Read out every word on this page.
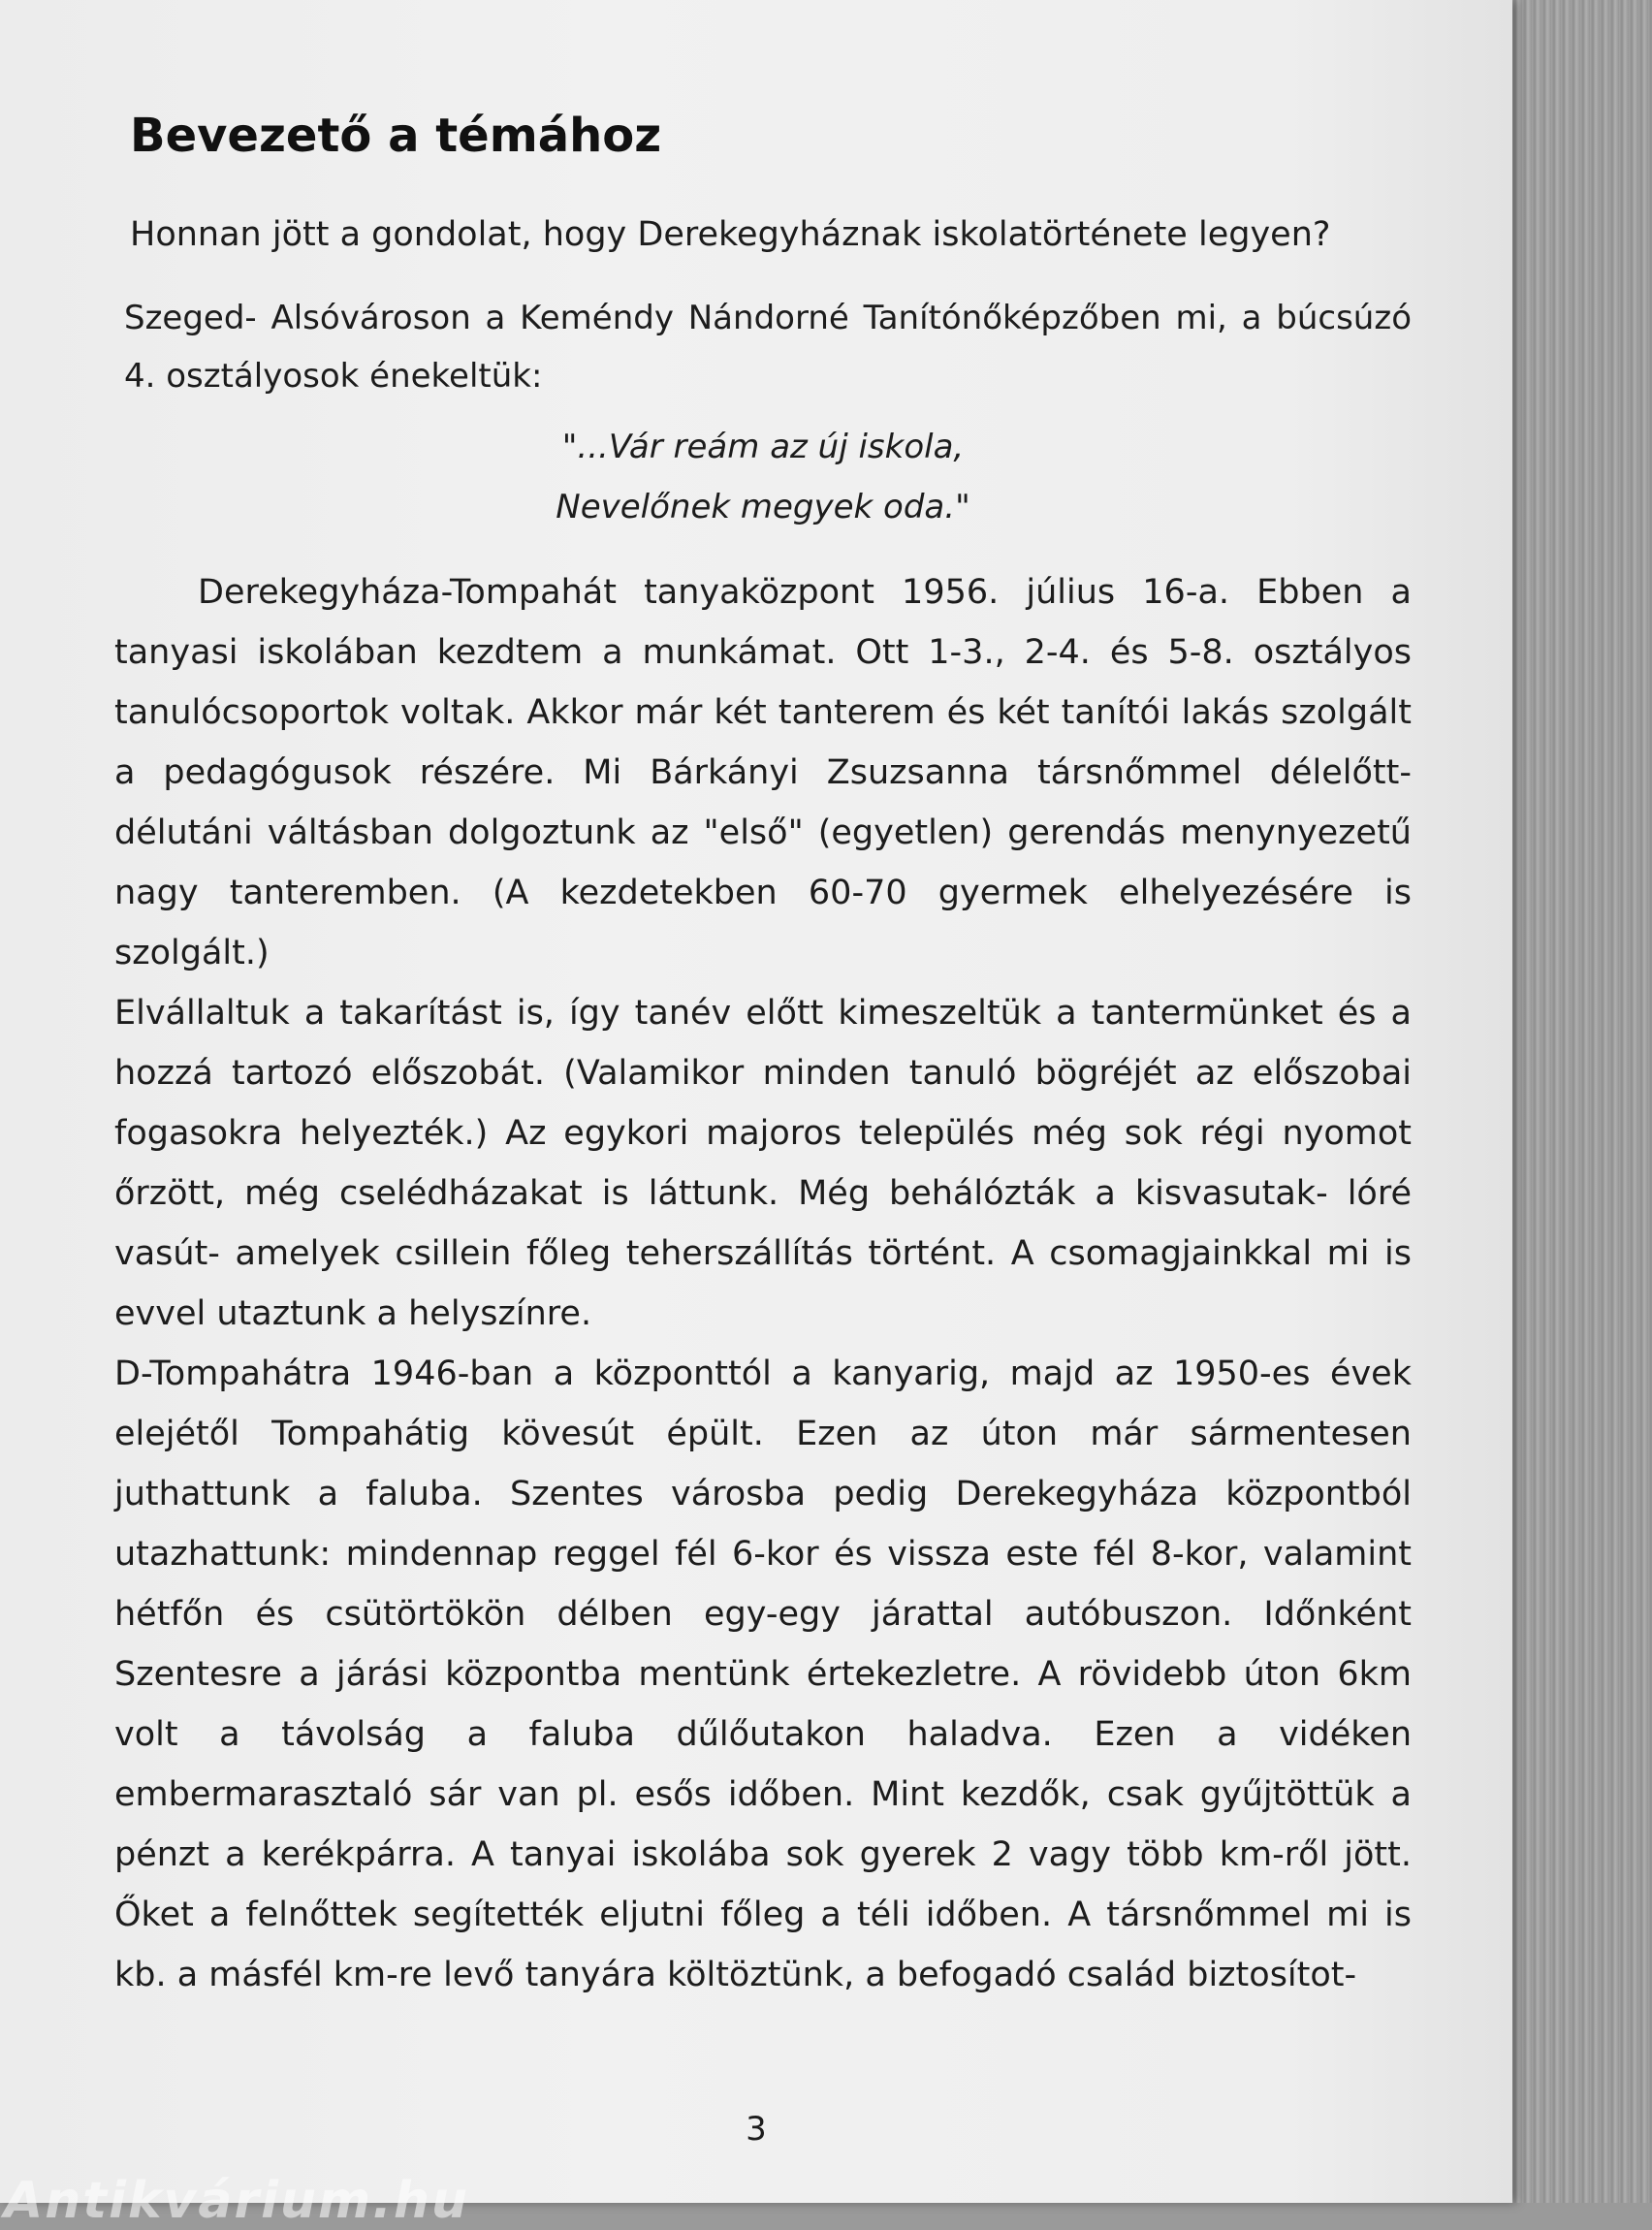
Bevezető a témához

Honnan jött a gondolat, hogy Derekegyháznak iskolatörténete legyen?

Szeged- Alsóvároson a Keméndy Nándorné Tanítónőképzőben mi, a búcsúzó 4. osztályosok énekeltük:

"...Vár reám az új iskola,
Nevelőnek megyek oda."

Derekegyháza-Tompahát tanyaközpont 1956. július 16-a. Ebben a tanyasi iskolában kezdtem a munkámat. Ott 1-3., 2-4. és 5-8. osztályos tanulócsoportok voltak. Akkor már két tanterem és két tanítói lakás szolgált a pedagógusok részére. Mi Bárkányi Zsuzsanna társnőmmel délelőtt- délutáni váltásban dolgoztunk az "első" (egyetlen) gerendás menynyezetű nagy tanteremben. (A kezdetekben 60-70 gyermek elhelyezésére is szolgált.)

Elvállaltuk a takarítást is, így tanév előtt kimeszeltük a tantermünket és a hozzá tartozó előszobát. (Valamikor minden tanuló bögréjét az előszobai fogasokra helyezték.) Az egykori majoros település még sok régi nyomot őrzött, még cselédházakat is láttunk. Még behálózták a kisvasutak- lóré vasút- amelyek csillein főleg teherszállítás történt. A csomagjainkkal mi is evvel utaztunk a helyszínre.

D-Tompahátra 1946-ban a központtól a kanyarig, majd az 1950-es évek elejétől Tompahátig kövesút épült. Ezen az úton már sármentesen juthattunk a faluba. Szentes városba pedig Derekegyháza központból utazhattunk: mindennap reggel fél 6-kor és vissza este fél 8-kor, valamint hétfőn és csütörtökön délben egy-egy járattal autóbuszon. Időnként Szentesre a járási központba mentünk értekezletre. A rövidebb úton 6km volt a távolság a faluba dűlőutakon haladva. Ezen a vidéken embermarasztaló sár van pl. esős időben. Mint kezdők, csak gyűjtöttük a pénzt a kerékpárra. A tanyai iskolába sok gyerek 2 vagy több km-ről jött. Őket a felnőttek segítették eljutni főleg a téli időben. A társnőmmel mi is kb. a másfél km-re levő tanyára költöztünk, a befogadó család biztosítot-

3
Antikvárium.hu
